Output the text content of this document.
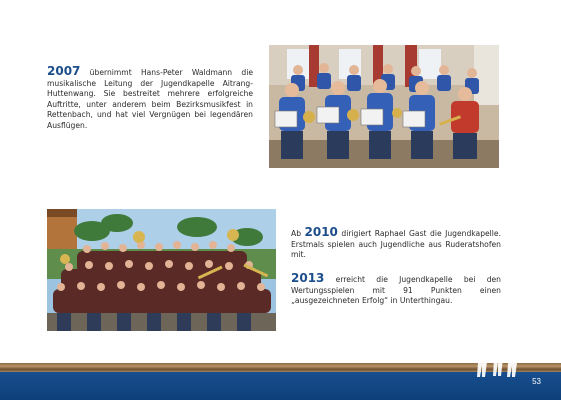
2007 übernimmt Hans-Peter Waldmann die musikalische Leitung der Jugendkapelle Aitrang-Huttenwang. Sie bestreitet mehrere erfolgreiche Auftritte, unter anderem beim Bezirksmusikfest in Rettenbach, und hat viel Vergnügen bei legendären Ausflügen.

Ab 2010 dirigiert Raphael Gast die Jugendkapelle. Erstmals spielen auch Jugendliche aus Ruderatshofen mit.

2013 erreicht die Jugendkapelle bei den Wertungsspielen mit 91 Punkten einen „ausgezeichneten Erfolg“ in Unterthingau.

53
